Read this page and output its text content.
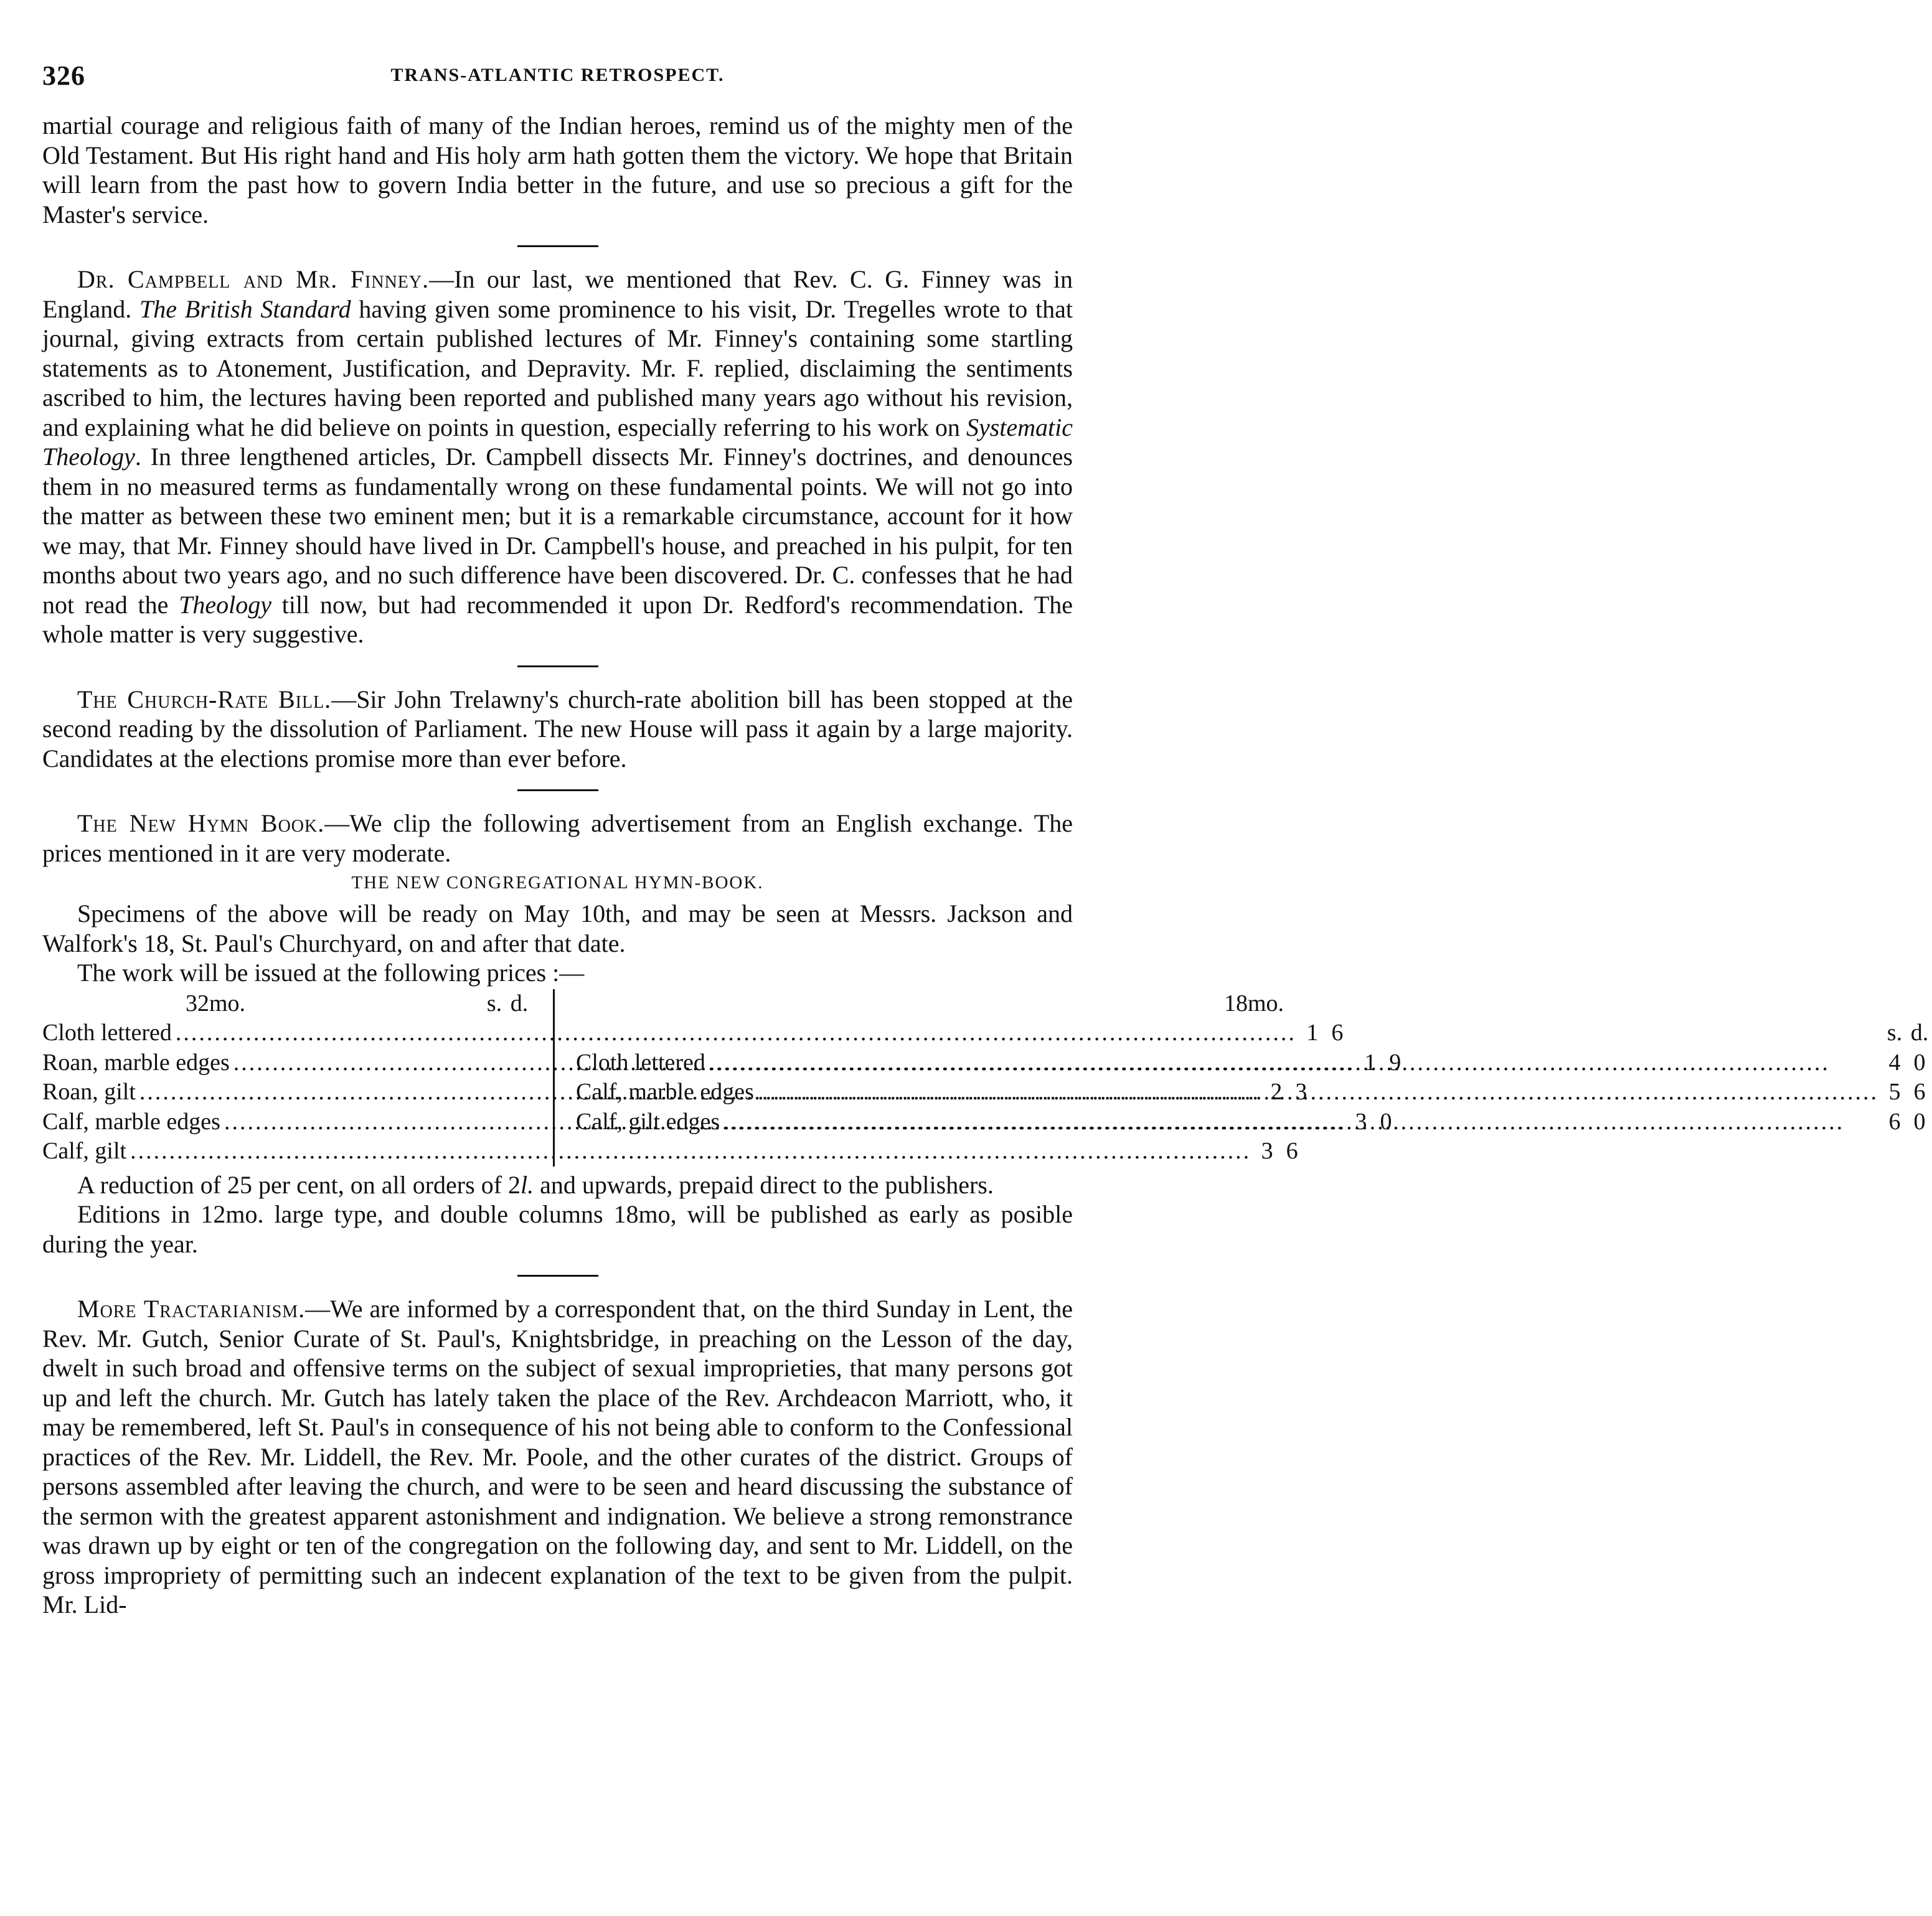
326	TRANS-ATLANTIC RETROSPECT.

martial courage and religious faith of many of the Indian heroes, remind us of the mighty men of the Old Testament. But His right hand and His holy arm hath gotten them the victory. We hope that Britain will learn from the past how to govern India better in the future, and use so precious a gift for the Master's service.

Dr. Campbell and Mr. Finney.—In our last, we mentioned that Rev. C. G. Finney was in England. The British Standard having given some prominence to his visit, Dr. Tregelles wrote to that journal, giving extracts from certain published lectures of Mr. Finney's containing some startling statements as to Atonement, Justification, and Depravity. Mr. F. replied, disclaiming the sentiments ascribed to him, the lectures having been reported and published many years ago without his revision, and explaining what he did believe on points in question, especially referring to his work on Systematic Theology. In three lengthened articles, Dr. Campbell dissects Mr. Finney's doctrines, and denounces them in no measured terms as fundamentally wrong on these fundamental points. We will not go into the matter as between these two eminent men; but it is a remarkable circumstance, account for it how we may, that Mr. Finney should have lived in Dr. Campbell's house, and preached in his pulpit, for ten months about two years ago, and no such difference have been discovered. Dr. C. confesses that he had not read the Theology till now, but had recommended it upon Dr. Redford's recommendation. The whole matter is very suggestive.

The Church-Rate Bill.—Sir John Trelawny's church-rate abolition bill has been stopped at the second reading by the dissolution of Parliament. The new House will pass it again by a large majority. Candidates at the elections promise more than ever before.

The New Hymn Book.—We clip the following advertisement from an English exchange. The prices mentioned in it are very moderate.

THE NEW CONGREGATIONAL HYMN-BOOK.

Specimens of the above will be ready on May 10th, and may be seen at Messrs. Jackson and Walfork's 18, St. Paul's Churchyard, on and after that date.

The work will be issued at the following prices :—

32mo.	s. d.
Cloth lettered .....	1 6
Roan, marble edges .....	1 9
Roan, gilt .....	2 3
Calf, marble edges .....	3 0
Calf, gilt .....	3 6
18mo.
s. d.
Cloth lettered .....	4 0
Calf, marble edges .....	5 6
Calf, gilt edges .....	6 0

A reduction of 25 per cent, on all orders of 2l. and upwards, prepaid direct to the publishers.

Editions in 12mo. large type, and double columns 18mo, will be published as early as posible during the year.

More Tractarianism.—We are informed by a correspondent that, on the third Sunday in Lent, the Rev. Mr. Gutch, Senior Curate of St. Paul's, Knightsbridge, in preaching on the Lesson of the day, dwelt in such broad and offensive terms on the subject of sexual improprieties, that many persons got up and left the church. Mr. Gutch has lately taken the place of the Rev. Archdeacon Marriott, who, it may be remembered, left St. Paul's in consequence of his not being able to conform to the Confessional practices of the Rev. Mr. Liddell, the Rev. Mr. Poole, and the other curates of the district. Groups of persons assembled after leaving the church, and were to be seen and heard discussing the substance of the sermon with the greatest apparent astonishment and indignation. We believe a strong remonstrance was drawn up by eight or ten of the congregation on the following day, and sent to Mr. Liddell, on the gross impropriety of permitting such an indecent explanation of the text to be given from the pulpit. Mr. Lid-
